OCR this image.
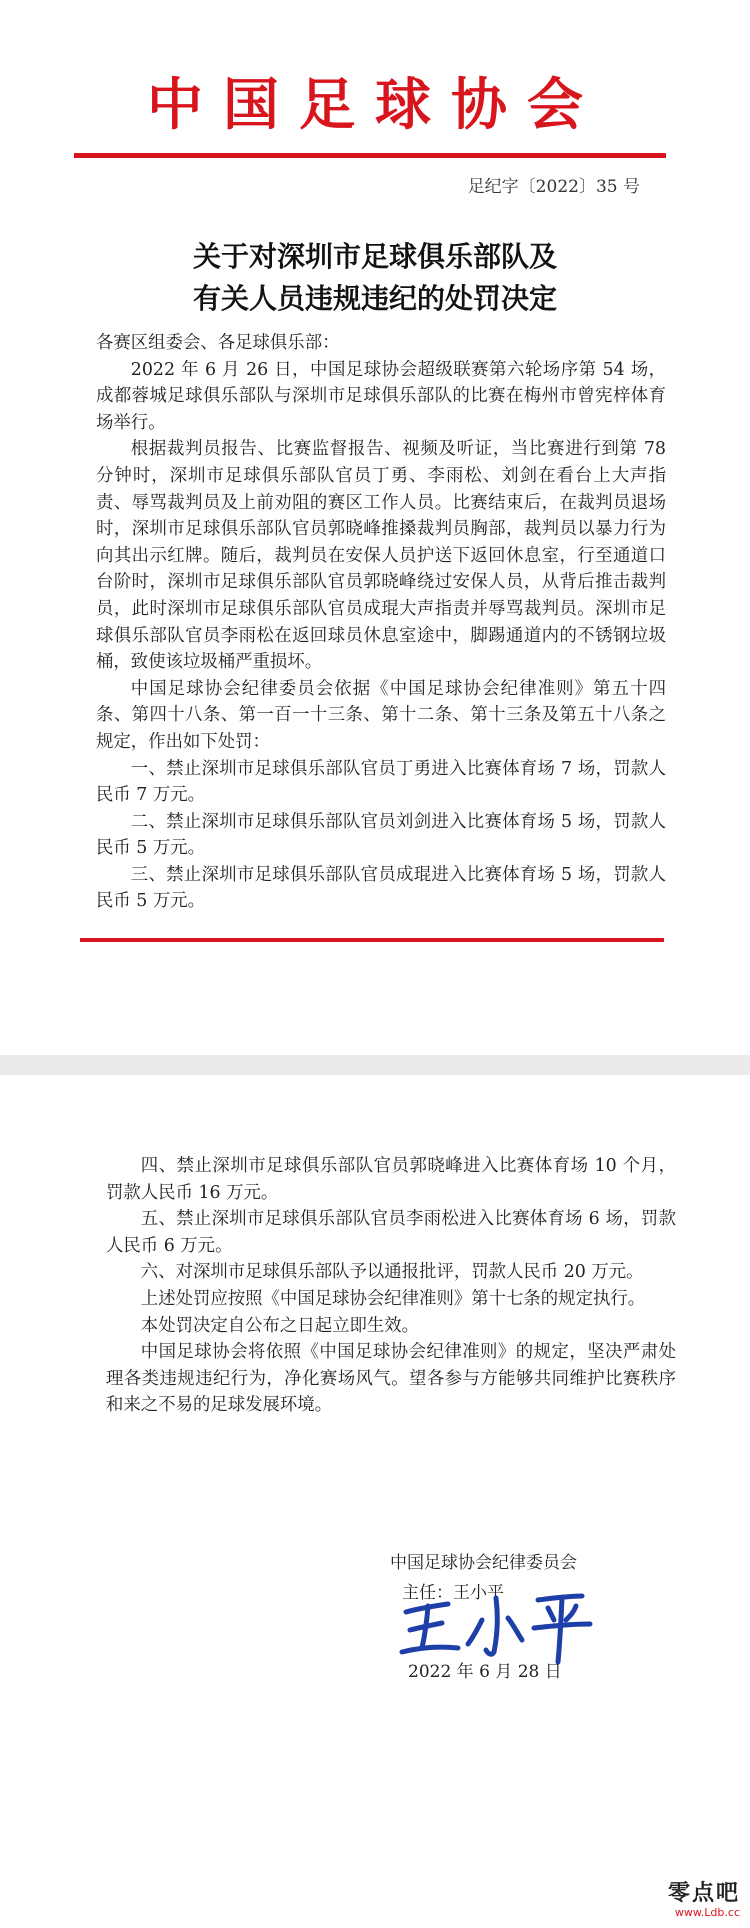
中国足球协会
足纪字〔2022〕35 号
关于对深圳市足球俱乐部队及
有关人员违规违纪的处罚决定

各赛区组委会、各足球俱乐部：

2022 年 6 月 26 日，中国足球协会超级联赛第六轮场序第 54 场，成都蓉城足球俱乐部队与深圳市足球俱乐部队的比赛在梅州市曾宪梓体育场举行。

根据裁判员报告、比赛监督报告、视频及听证，当比赛进行到第 78 分钟时，深圳市足球俱乐部队官员丁勇、李雨松、刘剑在看台上大声指责、辱骂裁判员及上前劝阻的赛区工作人员。比赛结束后，在裁判员退场时，深圳市足球俱乐部队官员郭晓峰推搡裁判员胸部，裁判员以暴力行为向其出示红牌。随后，裁判员在安保人员护送下返回休息室，行至通道口台阶时，深圳市足球俱乐部队官员郭晓峰绕过安保人员，从背后推击裁判员，此时深圳市足球俱乐部队官员成琨大声指责并辱骂裁判员。深圳市足球俱乐部队官员李雨松在返回球员休息室途中，脚踢通道内的不锈钢垃圾桶，致使该垃圾桶严重损坏。

中国足球协会纪律委员会依据《中国足球协会纪律准则》第五十四条、第四十八条、第一百一十三条、第十二条、第十三条及第五十八条之规定，作出如下处罚：

一、禁止深圳市足球俱乐部队官员丁勇进入比赛体育场 7 场，罚款人民币 7 万元。

二、禁止深圳市足球俱乐部队官员刘剑进入比赛体育场 5 场，罚款人民币 5 万元。

三、禁止深圳市足球俱乐部队官员成琨进入比赛体育场 5 场，罚款人民币 5 万元。

四、禁止深圳市足球俱乐部队官员郭晓峰进入比赛体育场 10 个月，罚款人民币 16 万元。

五、禁止深圳市足球俱乐部队官员李雨松进入比赛体育场 6 场，罚款人民币 6 万元。

六、对深圳市足球俱乐部队予以通报批评，罚款人民币 20 万元。

上述处罚应按照《中国足球协会纪律准则》第十七条的规定执行。

本处罚决定自公布之日起立即生效。

中国足球协会将依照《中国足球协会纪律准则》的规定，坚决严肃处理各类违规违纪行为，净化赛场风气。望各参与方能够共同维护比赛秩序和来之不易的足球发展环境。

中国足球协会纪律委员会
主任：王小平
2022 年 6 月 28 日
零点吧
www.Ldb.cc
